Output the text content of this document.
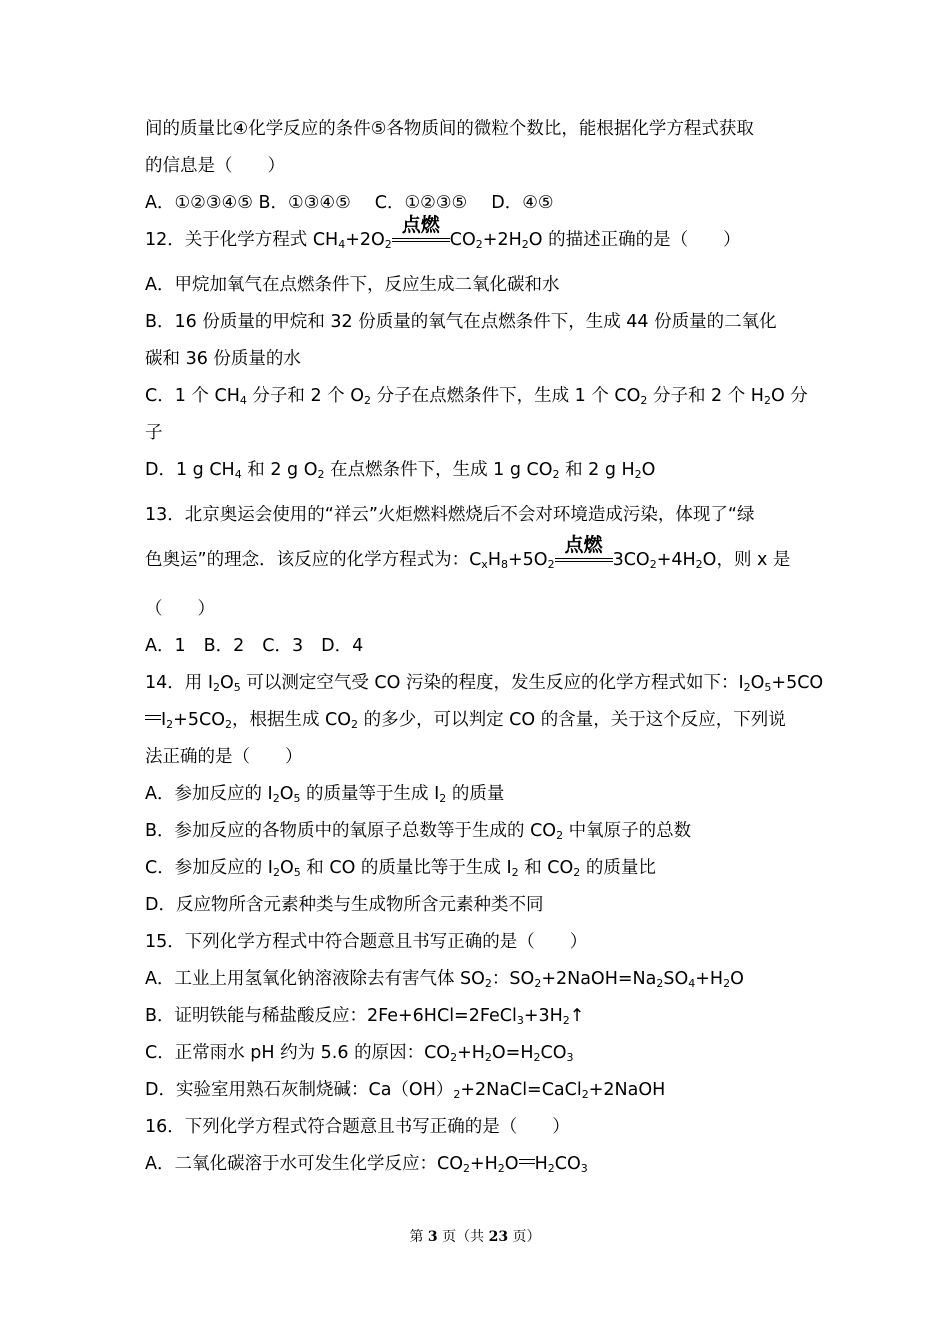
间的质量比④化学反应的条件⑤各物质间的微粒个数比，能根据化学方程式获取

的信息是（　　）

A．①②③④⑤ B．①③④⑤ C．①②③⑤ D．④⑤

12．关于化学方程式 $CH_4+2O_2$
点燃
$CO_2+2H_2O$ 的描述正确的是（　　）

A．甲烷加氧气在点燃条件下，反应生成二氧化碳和水

B．16 份质量的甲烷和 32 份质量的氧气在点燃条件下，生成 44 份质量的二氧化

碳和 36 份质量的水

C．1 个 $CH_4$ 分子和 2 个 $O_2$ 分子在点燃条件下，生成 1 个 $CO_2$ 分子和 2 个 $H_2O$ 分

子

D．1 g $CH_4$ 和 2 g $O_2$ 在点燃条件下，生成 1 g $CO_2$ 和 2 g $H_2O$

13．北京奥运会使用的“祥云”火炬燃料燃烧后不会对环境造成污染，体现了“绿

色奥运”的理念．该反应的化学方程式为：$C_xH_8+5O_2$
点燃
$3CO_2+4H_2O$，则 x 是

（　　）

A．1 B．2 C．3 D．4

14．用 $I_2O_5$ 可以测定空气受 CO 污染的程度，发生反应的化学方程式如下：$I_2O_5+5CO$

$I_2+5CO_2$，根据生成 $CO_2$ 的多少，可以判定 CO 的含量，关于这个反应，下列说

法正确的是（　　）

A．参加反应的 $I_2O_5$ 的质量等于生成 $I_2$ 的质量

B．参加反应的各物质中的氧原子总数等于生成的 $CO_2$ 中氧原子的总数

C．参加反应的 $I_2O_5$ 和 CO 的质量比等于生成 $I_2$ 和 $CO_2$ 的质量比

D．反应物所含元素种类与生成物所含元素种类不同

15．下列化学方程式中符合题意且书写正确的是（　　）

A．工业上用氢氧化钠溶液除去有害气体 $SO_2$：$SO_2+2NaOH=Na_2SO_4+H_2O$

B．证明铁能与稀盐酸反应：$2Fe+6HCl=2FeCl_3+3H_2↑$

C．正常雨水 pH 约为 5.6 的原因：$CO_2+H_2O=H_2CO_3$

D．实验室用熟石灰制烧碱：$Ca(OH)_2+2NaCl=CaCl_2+2NaOH$

16．下列化学方程式符合题意且书写正确的是（　　）

A．二氧化碳溶于水可发生化学反应：$CO_2+H_2O$ $H_2CO_3$

第 3 页（共 23 页）
